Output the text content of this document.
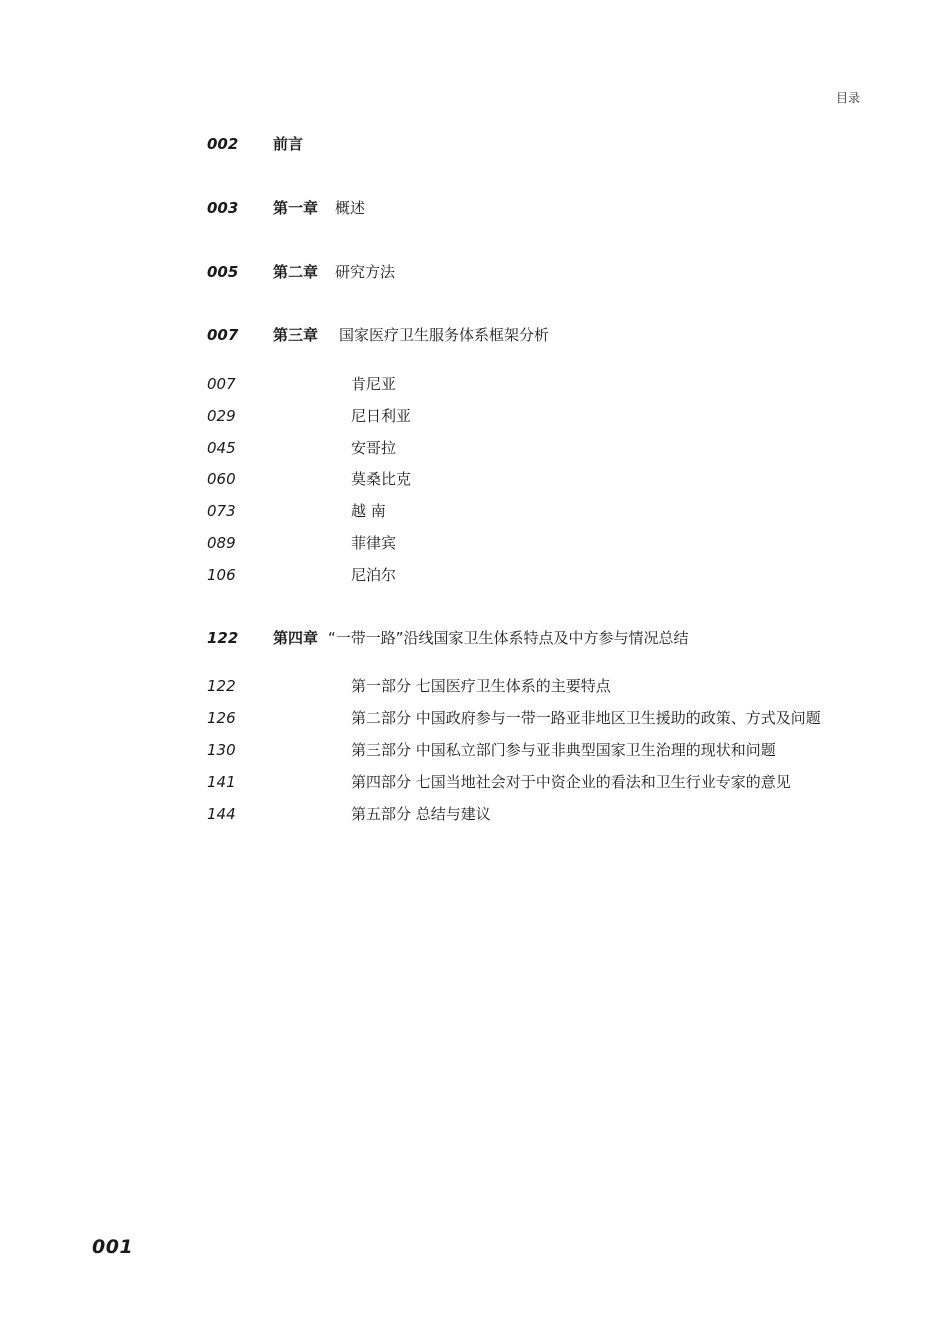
目录
002 前言
003 第一章 概述
005 第二章 研究方法
007 第三章 国家医疗卫生服务体系框架分析
007	肯尼亚
029	尼日利亚
045	安哥拉
060	莫桑比克
073	越 南
089	菲律宾
106	尼泊尔
122 第四章 “一带一路”沿线国家卫生体系特点及中方参与情况总结
122	第一部分 七国医疗卫生体系的主要特点
126	第二部分 中国政府参与一带一路亚非地区卫生援助的政策、方式及问题
130	第三部分 中国私立部门参与亚非典型国家卫生治理的现状和问题
141	第四部分 七国当地社会对于中资企业的看法和卫生行业专家的意见
144	第五部分 总结与建议
001
